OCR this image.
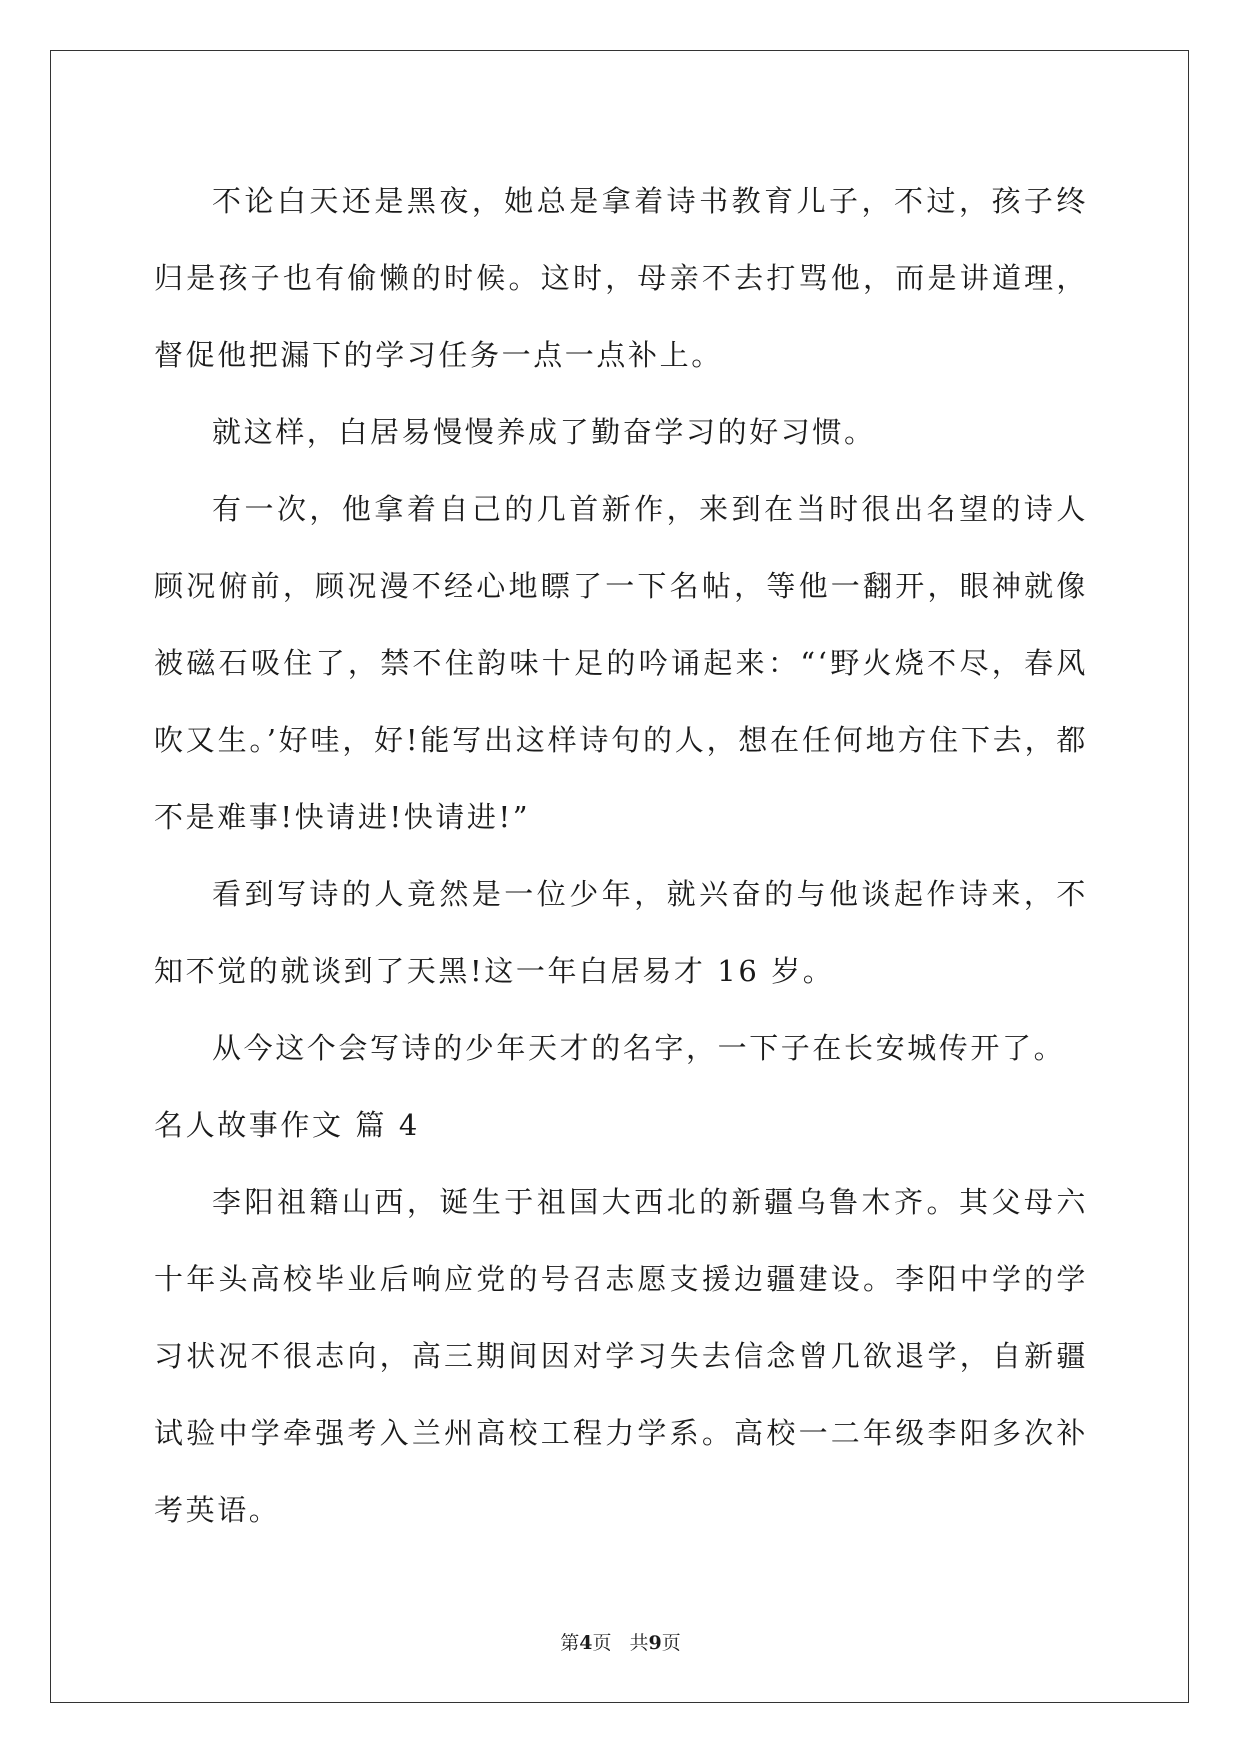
不论白天还是黑夜，她总是拿着诗书教育儿子，不过，孩子终归是孩子也有偷懒的时候。这时，母亲不去打骂他，而是讲道理，督促他把漏下的学习任务一点一点补上。

就这样，白居易慢慢养成了勤奋学习的好习惯。

有一次，他拿着自己的几首新作，来到在当时很出名望的诗人顾况俯前，顾况漫不经心地瞟了一下名帖，等他一翻开，眼神就像被磁石吸住了，禁不住韵味十足的吟诵起来：“‘野火烧不尽，春风吹又生。’好哇，好!能写出这样诗句的人，想在任何地方住下去，都不是难事!快请进!快请进!”

看到写诗的人竟然是一位少年，就兴奋的与他谈起作诗来，不知不觉的就谈到了天黑!这一年白居易才 16 岁。

从今这个会写诗的少年天才的名字，一下子在长安城传开了。

名人故事作文 篇 4

李阳祖籍山西，诞生于祖国大西北的新疆乌鲁木齐。其父母六十年头高校毕业后响应党的号召志愿支援边疆建设。李阳中学的学习状况不很志向，高三期间因对学习失去信念曾几欲退学，自新疆试验中学牵强考入兰州高校工程力学系。高校一二年级李阳多次补考英语。

第4页 共9页
